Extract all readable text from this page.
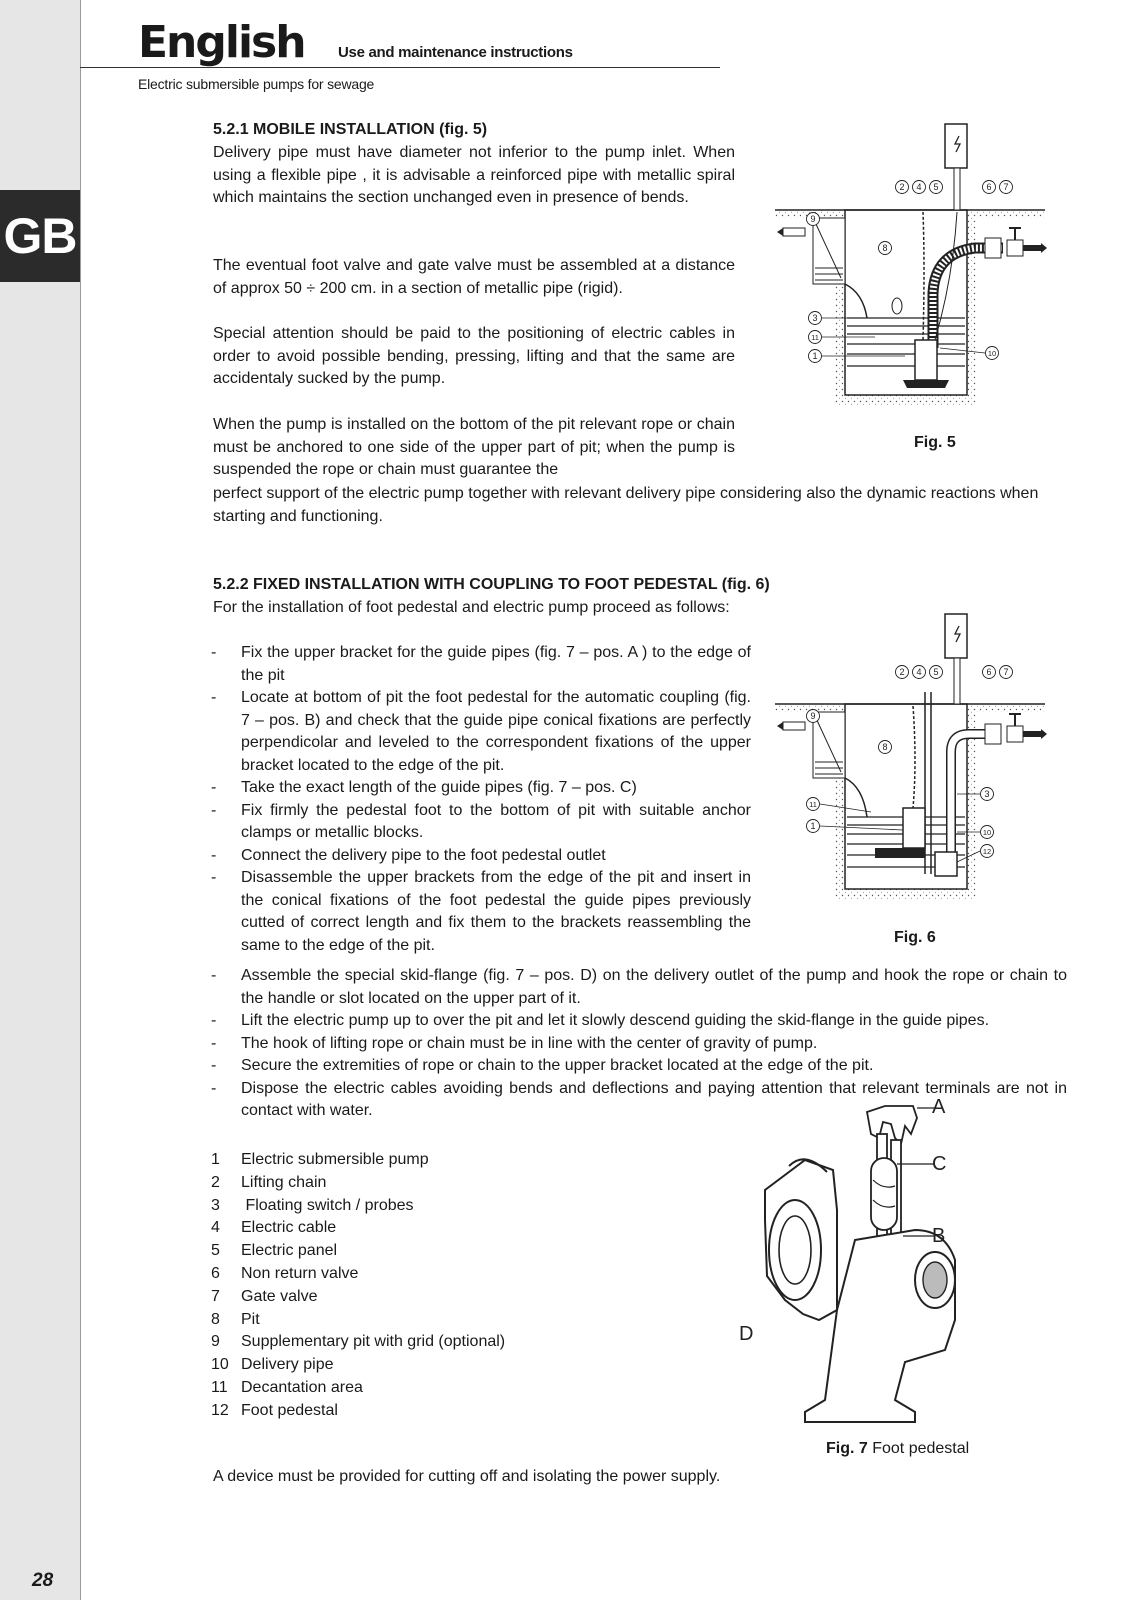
GB
28
English Use and maintenance instructions
Electric submersible pumps for sewage

5.2.1 MOBILE INSTALLATION (fig. 5)

Delivery pipe must have diameter not inferior to the pump inlet. When using a flexible pipe , it is advisable a reinforced pipe with metallic spiral which maintains the section unchanged even in presence of bends.

The eventual foot valve and gate valve must be assembled at a distance of approx 50 ÷ 200 cm. in a section of metallic pipe (rigid).

Special attention should be paid to the positioning of electric cables in order to avoid possible bending, pressing, lifting and that the same are accidentaly sucked by the pump.

When the pump is installed on the bottom of the pit relevant rope or chain must be anchored to one side of the upper part of pit; when the pump is suspended the rope or chain must guarantee the

perfect support of the electric pump together with relevant delivery pipe considering also the dynamic reactions when starting and functioning.

5.2.2 FIXED INSTALLATION WITH COUPLING TO FOOT PEDESTAL (fig. 6)

For the installation of foot pedestal and electric pump proceed as follows:

- Fix the upper bracket for the guide pipes (fig. 7 – pos. A ) to the edge of the pit
- Locate at bottom of pit the foot pedestal for the automatic coupling (fig. 7 – pos. B) and check that the guide pipe conical fixations are perfectly perpendicolar and leveled to the correspondent fixations of the upper bracket located to the edge of the pit.
- Take the exact length of the guide pipes (fig. 7 – pos. C)
- Fix firmly the pedestal foot to the bottom of pit with suitable anchor clamps or metallic blocks.
- Connect the delivery pipe to the foot pedestal outlet
- Disassemble the upper brackets from the edge of the pit and insert in the conical fixations of the foot pedestal the guide pipes previously cutted of correct length and fix them to the brackets reassembling the same to the edge of the pit.
- Assemble the special skid-flange (fig. 7 – pos. D) on the delivery outlet of the pump and hook the rope or chain to the handle or slot located on the upper part of it.
- Lift the electric pump up to over the pit and let it slowly descend guiding the skid-flange in the guide pipes.
- The hook of lifting rope or chain must be in line with the center of gravity of pump.
- Secure the extremities of rope or chain to the upper bracket located at the edge of the pit.
- Dispose the electric cables avoiding bends and deflections and paying attention that relevant terminals are not in contact with water.
1	Electric submersible pump
2	Lifting chain
3	Floating switch / probes
4	Electric cable
5	Electric panel
6	Non return valve
7	Gate valve
8	Pit
9	Supplementary pit with grid (optional)
10 Delivery pipe
11 Decantation area
12 Foot pedestal

A device must be provided for cutting off and isolating the power supply.

2 4 5	6 7
9
8
3
11
1	10
Fig. 5
2 4 5	6 7
9
8
11
1
3
10
12
Fig. 6
A
C
B
D
Fig. 7 Foot pedestal
